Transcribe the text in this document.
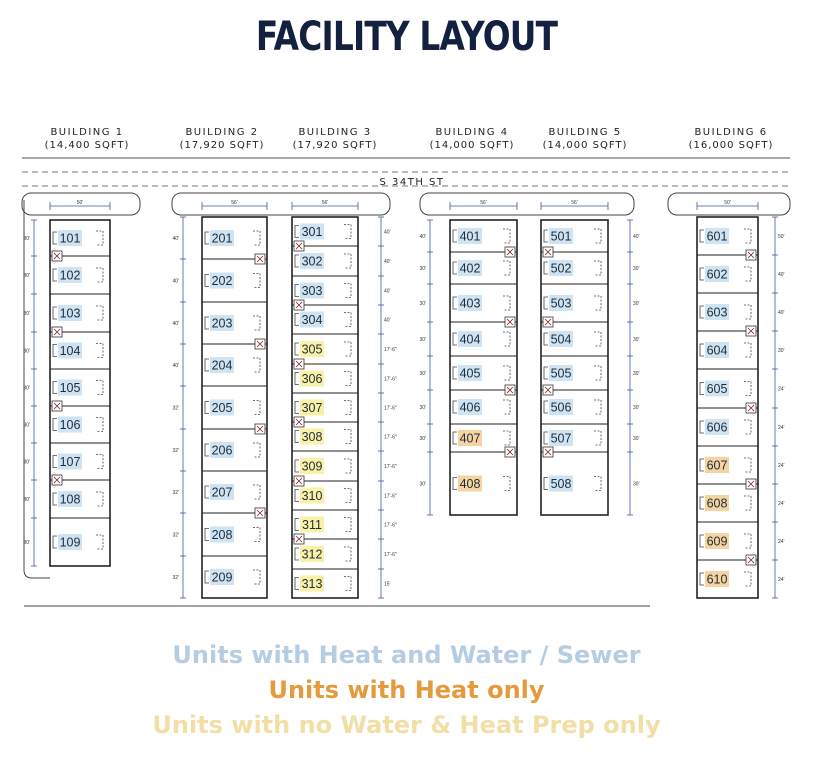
FACILITY LAYOUT
S 34TH ST
BUILDING 1
(14,400 SQFT)
BUILDING 2
(17,920 SQFT)
BUILDING 3
(17,920 SQFT)
BUILDING 4
(14,000 SQFT)
BUILDING 5
(14,000 SQFT)
BUILDING 6
(16,000 SQFT)
50'
30' 101
30' 102
30' 103
30' 104
30' 105
30' 106
30' 107
30' 108
30' 109
56'
40'	201
40'	202
40'	203
40'	204
32'	205
32'	206
32'	207
32'	208
32'	209
56'
40'
301
40'
302
40'
303
40'
304
17'-6"
305
17'-6"
306
17'-6"
307
17'-6"
308
17'-6"
309
17'-6"
310
17'-6"
311
17'-6"
312
15'
313
56'
40'	401
30'	402
30'	403
30'	404
30'	405
30'	406
30'	407
30'	408
56'
40'
501
30'
502
30'
503
30'
504
30'
505
30'
506
30'
507
30'
508
50'
50'
601
40'
602
40'
603
30'
604
24'
605
24'
606
24'
607
24'
608
24'
609
24'
610
Units with Heat and Water / Sewer
Units with Heat only
Units with no Water & Heat Prep only
